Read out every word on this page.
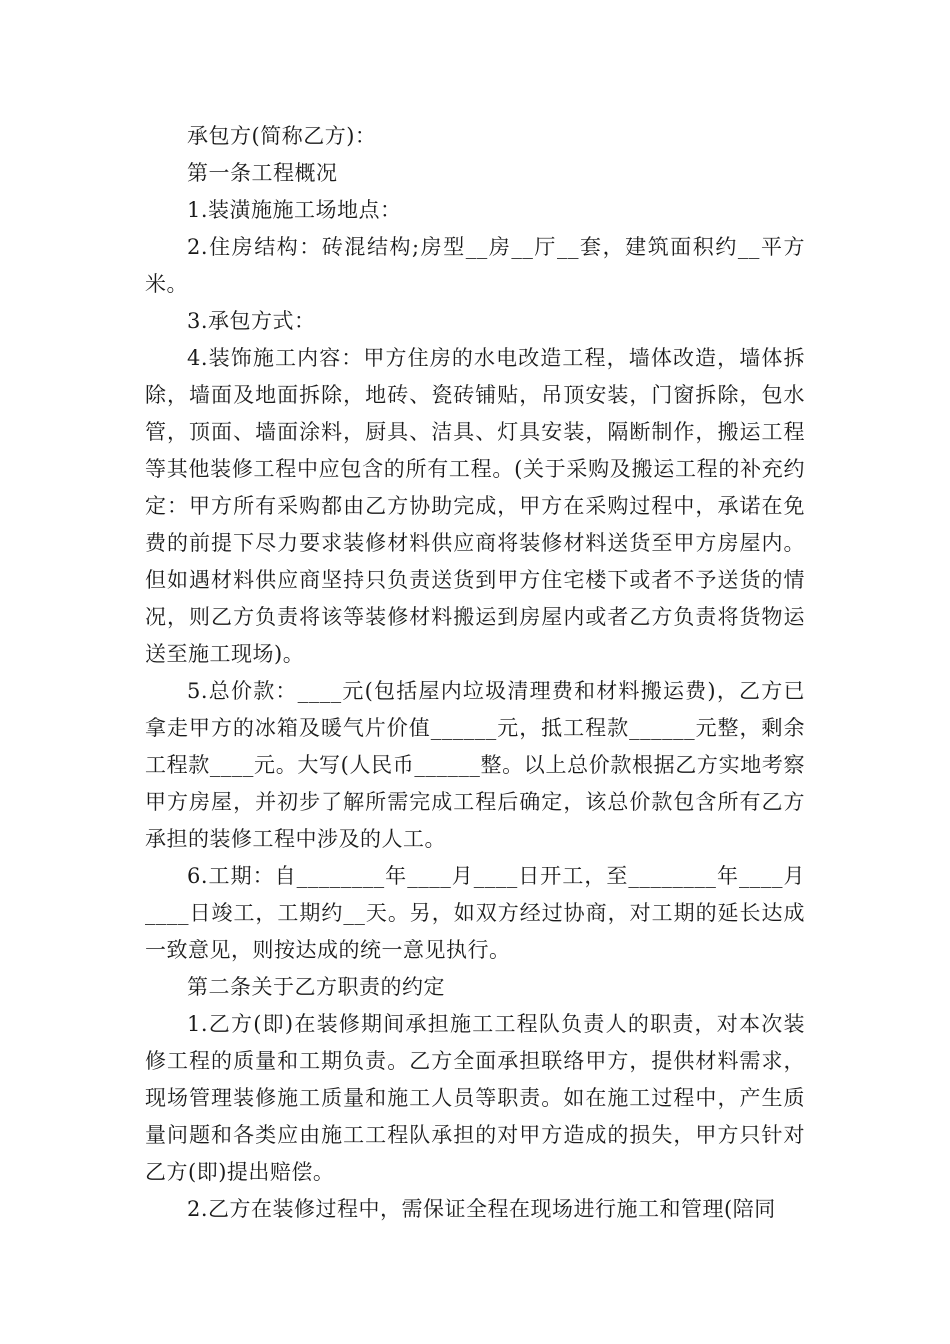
承包方(简称乙方)：

第一条工程概况

1.装潢施施工场地点：

2.住房结构：砖混结构;房型__房__厅__套，建筑面积约__平方米。

3.承包方式：

4.装饰施工内容：甲方住房的水电改造工程，墙体改造，墙体拆除，墙面及地面拆除，地砖、瓷砖铺贴，吊顶安装，门窗拆除，包水管，顶面、墙面涂料，厨具、洁具、灯具安装，隔断制作，搬运工程等其他装修工程中应包含的所有工程。(关于采购及搬运工程的补充约定：甲方所有采购都由乙方协助完成，甲方在采购过程中，承诺在免费的前提下尽力要求装修材料供应商将装修材料送货至甲方房屋内。但如遇材料供应商坚持只负责送货到甲方住宅楼下或者不予送货的情况，则乙方负责将该等装修材料搬运到房屋内或者乙方负责将货物运送至施工现场)。

5.总价款：____元(包括屋内垃圾清理费和材料搬运费)，乙方已拿走甲方的冰箱及暖气片价值______元，抵工程款______元整，剩余工程款____元。大写(人民币______整。以上总价款根据乙方实地考察甲方房屋，并初步了解所需完成工程后确定，该总价款包含所有乙方承担的装修工程中涉及的人工。

6.工期：自________年____月____日开工，至________年____月____日竣工，工期约__天。另，如双方经过协商，对工期的延长达成一致意见，则按达成的统一意见执行。

第二条关于乙方职责的约定

1.乙方(即)在装修期间承担施工工程队负责人的职责，对本次装修工程的质量和工期负责。乙方全面承担联络甲方，提供材料需求，现场管理装修施工质量和施工人员等职责。如在施工过程中，产生质量问题和各类应由施工工程队承担的对甲方造成的损失，甲方只针对乙方(即)提出赔偿。

2.乙方在装修过程中，需保证全程在现场进行施工和管理(陪同
